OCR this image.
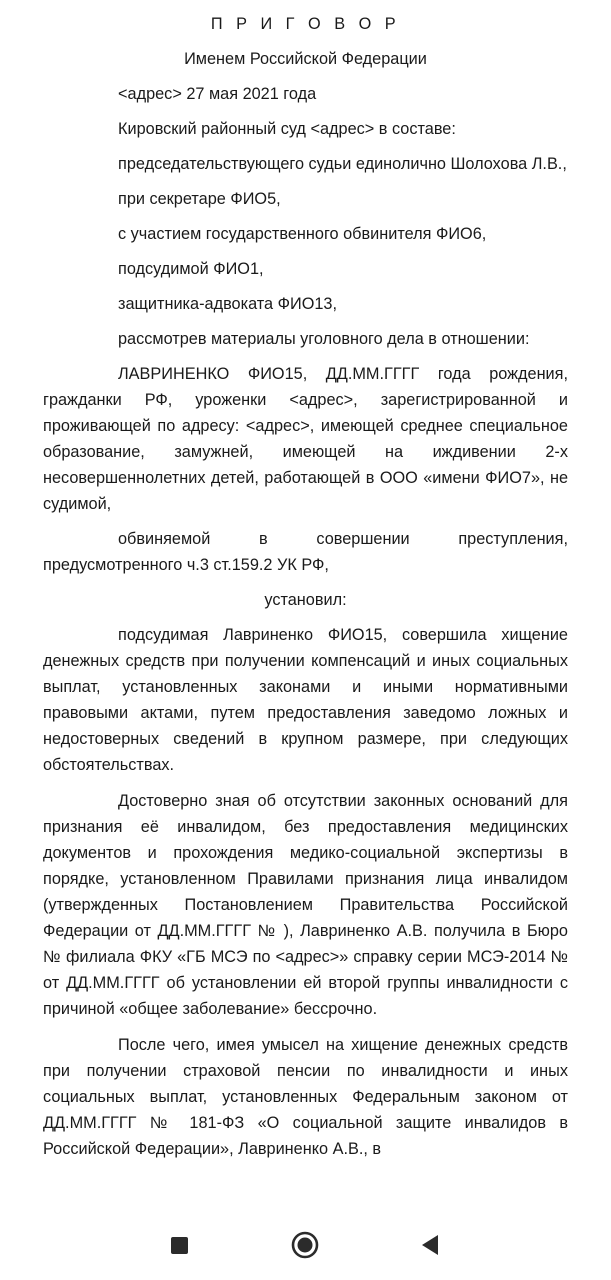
П Р И Г О В О Р

Именем Российской Федерации

<адрес> 27 мая 2021 года

Кировский районный суд <адрес> в составе:

председательствующего судьи единолично Шолохова Л.В.,

при секретаре ФИО5,

с участием государственного обвинителя ФИО6,

подсудимой ФИО1,

защитника-адвоката ФИО13,

рассмотрев материалы уголовного дела в отношении:

ЛАВРИНЕНКО ФИО15, ДД.ММ.ГГГГ года рождения, гражданки РФ, уроженки <адрес>, зарегистрированной и проживающей по адресу: <адрес>, имеющей среднее специальное образование, замужней, имеющей на иждивении 2-х несовершеннолетних детей, работающей в ООО «имени ФИО7», не судимой,

обвиняемой в совершении преступления, предусмотренного ч.3 ст.159.2 УК РФ,

установил:

подсудимая Лавриненко ФИО15, совершила хищение денежных средств при получении компенсаций и иных социальных выплат, установленных законами и иными нормативными правовыми актами, путем предоставления заведомо ложных и недостоверных сведений в крупном размере, при следующих обстоятельствах.

Достоверно зная об отсутствии законных оснований для признания её инвалидом, без предоставления медицинских документов и прохождения медико-социальной экспертизы в порядке, установленном Правилами признания лица инвалидом (утвержденных Постановлением Правительства Российской Федерации от ДД.ММ.ГГГГ № ), Лавриненко А.В. получила в Бюро № филиала ФКУ «ГБ МСЭ по <адрес>» справку серии МСЭ-2014 № от ДД.ММ.ГГГГ об установлении ей второй группы инвалидности с причиной «общее заболевание» бессрочно.

После чего, имея умысел на хищение денежных средств при получении страховой пенсии по инвалидности и иных социальных выплат, установленных Федеральным законом от ДД.ММ.ГГГГ № 181-ФЗ «О социальной защите инвалидов в Российской Федерации», Лавриненко А.В., в
